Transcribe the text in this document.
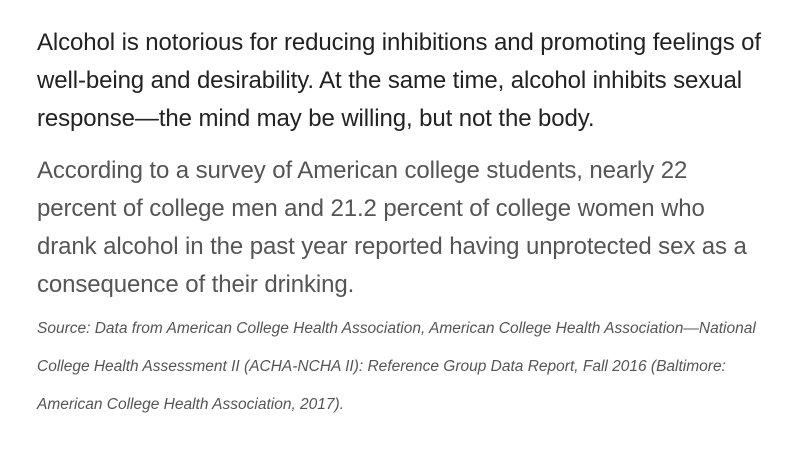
Alcohol is notorious for reducing inhibitions and promoting feelings of well-being and desirability. At the same time, alcohol inhibits sexual response—the mind may be willing, but not the body.

According to a survey of American college students, nearly 22 percent of college men and 21.2 percent of college women who drank alcohol in the past year reported having unprotected sex as a consequence of their drinking.

Source: Data from American College Health Association, American College Health Association—National College Health Assessment II (ACHA-NCHA II): Reference Group Data Report, Fall 2016 (Baltimore: American College Health Association, 2017).
